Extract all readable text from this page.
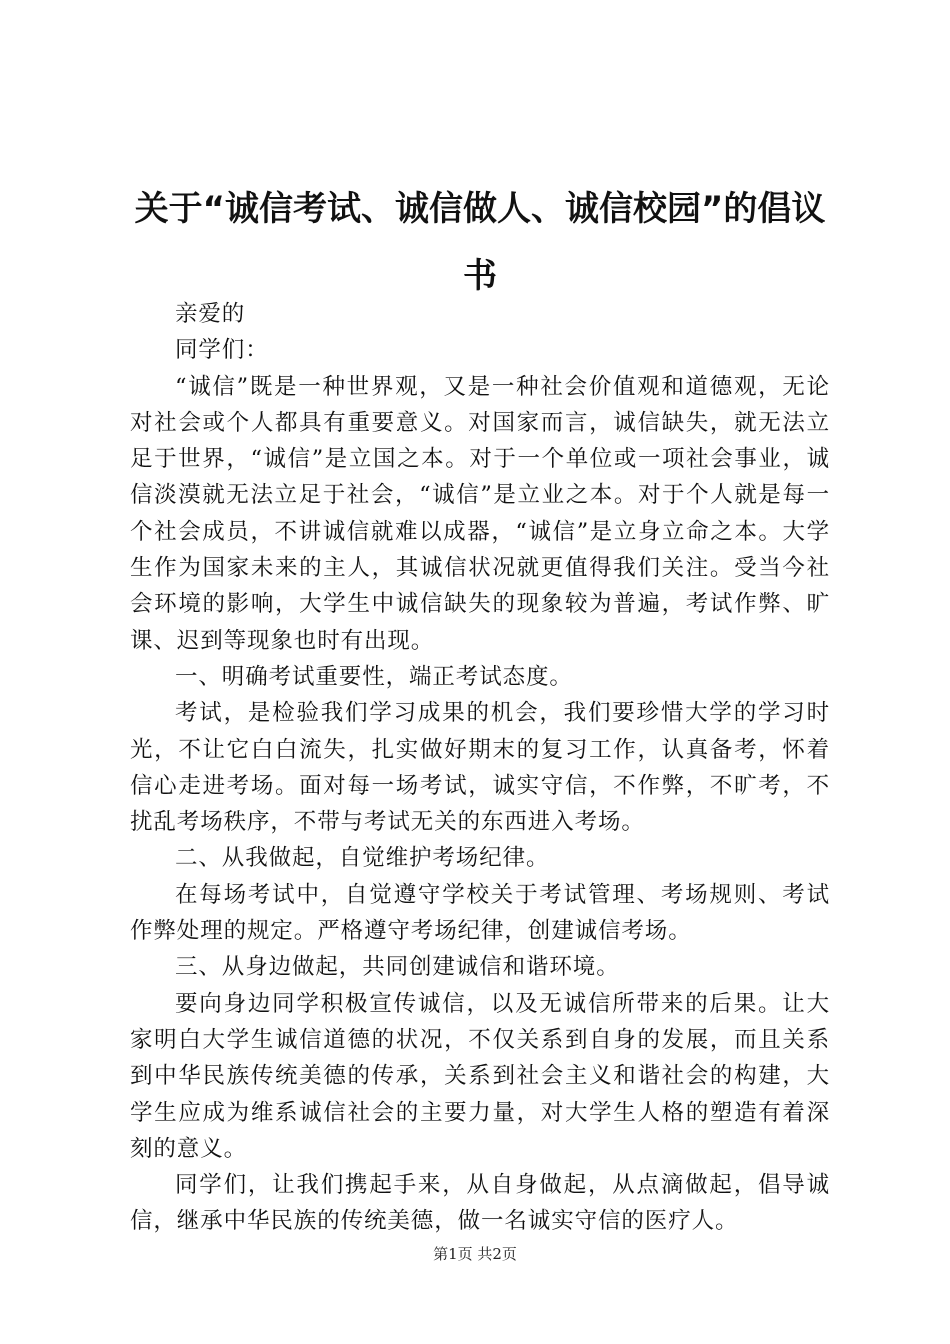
关于“诚信考试、诚信做人、诚信校园”的倡议书

亲爱的

同学们：

“诚信”既是一种世界观，又是一种社会价值观和道德观，无论对社会或个人都具有重要意义。对国家而言，诚信缺失，就无法立足于世界，“诚信”是立国之本。对于一个单位或一项社会事业，诚信淡漠就无法立足于社会，“诚信”是立业之本。对于个人就是每一个社会成员，不讲诚信就难以成器，“诚信”是立身立命之本。大学生作为国家未来的主人，其诚信状况就更值得我们关注。受当今社会环境的影响，大学生中诚信缺失的现象较为普遍，考试作弊、旷课、迟到等现象也时有出现。

一、明确考试重要性，端正考试态度。

考试，是检验我们学习成果的机会，我们要珍惜大学的学习时光，不让它白白流失，扎实做好期末的复习工作，认真备考，怀着信心走进考场。面对每一场考试，诚实守信，不作弊，不旷考，不扰乱考场秩序，不带与考试无关的东西进入考场。

二、从我做起，自觉维护考场纪律。

在每场考试中，自觉遵守学校关于考试管理、考场规则、考试作弊处理的规定。严格遵守考场纪律，创建诚信考场。

三、从身边做起，共同创建诚信和谐环境。

要向身边同学积极宣传诚信，以及无诚信所带来的后果。让大家明白大学生诚信道德的状况，不仅关系到自身的发展，而且关系到中华民族传统美德的传承，关系到社会主义和谐社会的构建，大学生应成为维系诚信社会的主要力量，对大学生人格的塑造有着深刻的意义。

同学们，让我们携起手来，从自身做起，从点滴做起，倡导诚信，继承中华民族的传统美德，做一名诚实守信的医疗人。

第1页 共2页
